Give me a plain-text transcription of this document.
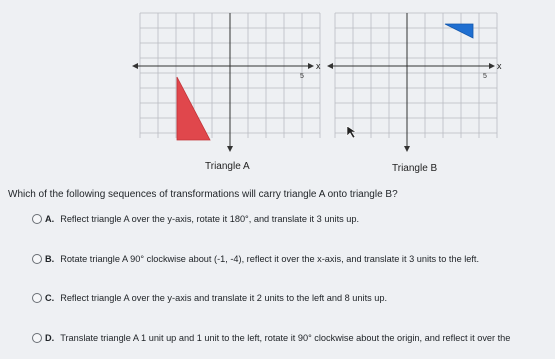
x
5
x
5
Triangle A	Triangle B
Which of the following sequences of transformations will carry triangle A onto triangle B?
A. Reflect triangle A over the y-axis, rotate it 180°, and translate it 3 units up.
B. Rotate triangle A 90° clockwise about (-1, -4), reflect it over the x-axis, and translate it 3 units to the left.
C. Reflect triangle A over the y-axis and translate it 2 units to the left and 8 units up.
D. Translate triangle A 1 unit up and 1 unit to the left, rotate it 90° clockwise about the origin, and reflect it over the
